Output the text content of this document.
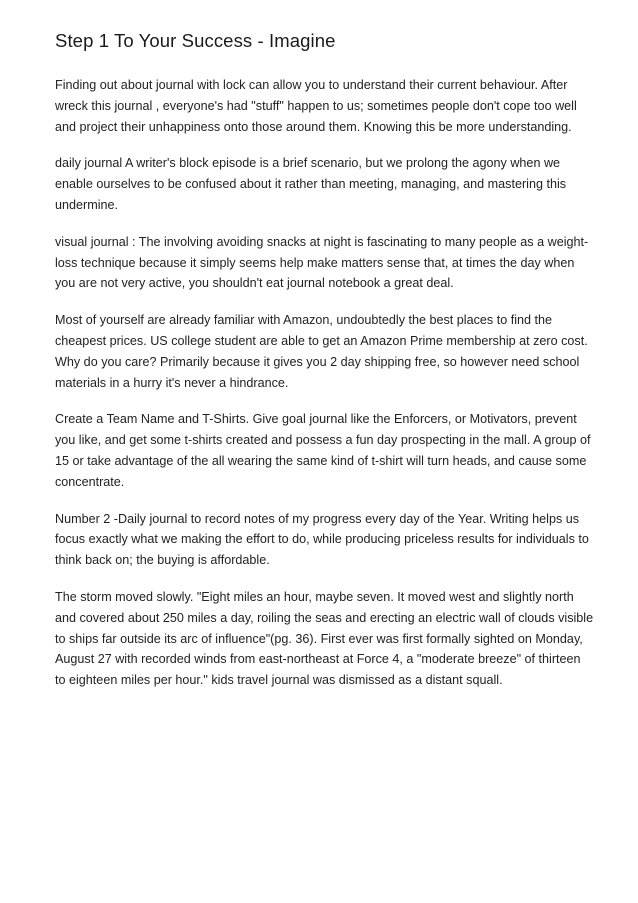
Step 1 To Your Success - Imagine

Finding out about journal with lock can allow you to understand their current behaviour. After wreck this journal , everyone's had "stuff" happen to us; sometimes people don't cope too well and project their unhappiness onto those around them. Knowing this be more understanding.

daily journal A writer's block episode is a brief scenario, but we prolong the agony when we enable ourselves to be confused about it rather than meeting, managing, and mastering this undermine.

visual journal : The involving avoiding snacks at night is fascinating to many people as a weight-loss technique because it simply seems help make matters sense that, at times the day when you are not very active, you shouldn't eat journal notebook a great deal.

Most of yourself are already familiar with Amazon, undoubtedly the best places to find the cheapest prices. US college student are able to get an Amazon Prime membership at zero cost. Why do you care? Primarily because it gives you 2 day shipping free, so however need school materials in a hurry it's never a hindrance.

Create a Team Name and T-Shirts. Give goal journal like the Enforcers, or Motivators, prevent you like, and get some t-shirts created and possess a fun day prospecting in the mall. A group of 15 or take advantage of the all wearing the same kind of t-shirt will turn heads, and cause some concentrate.

Number 2 -Daily journal to record notes of my progress every day of the Year. Writing helps us focus exactly what we making the effort to do, while producing priceless results for individuals to think back on; the buying is affordable.

The storm moved slowly. "Eight miles an hour, maybe seven. It moved west and slightly north and covered about 250 miles a day, roiling the seas and erecting an electric wall of clouds visible to ships far outside its arc of influence"(pg. 36). First ever was first formally sighted on Monday, August 27 with recorded winds from east-northeast at Force 4, a "moderate breeze" of thirteen to eighteen miles per hour." kids travel journal was dismissed as a distant squall.
